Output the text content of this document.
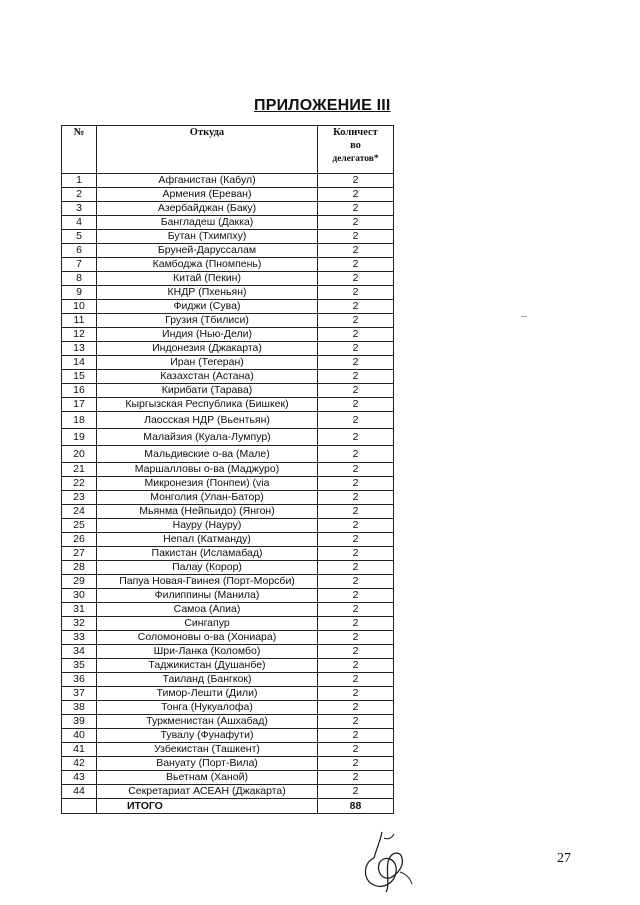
ПРИЛОЖЕНИЕ III
№	Откуда	Количест
во
делегатов*
1	Афганистан (Кабул)	2
2	Армения (Ереван)	2
3	Азербайджан (Баку)	2
4	Бангладеш (Дакка)	2
5	Бутан (Тхимпху)	2
6	Бруней-Даруссалам	2
7	Камбоджа (Пномпень)	2
8	Китай (Пекин)	2
9	КНДР (Пхеньян)	2
10	Фиджи (Сува)	2
11	Грузия (Тбилиси)	2
12	Индия (Нью-Дели)	2
13	Индонезия (Джакарта)	2
14	Иран (Тегеран)	2
15	Казахстан (Астана)	2
16	Кирибати (Тарава)	2
17	Кыргызская Республика (Бишкек)	2
18	Лаосская НДР (Вьентьян)	2
19	Малайзия (Куала-Лумпур)	2
20	Мальдивские о-ва (Мале)	2
21	Маршалловы о-ва (Маджуро)	2
22	Микронезия (Понпеи) (via	2
23	Монголия (Улан-Батор)	2
24	Мьянма (Нейпьидо) (Янгон)	2
25	Науру (Науру)	2
26	Непал (Катманду)	2
27	Пакистан (Исламабад)	2
28	Палау (Корор)	2
29	Папуа Новая-Гвинея (Порт-Морсби)	2
30	Филиппины (Манила)	2
31	Самоа (Апиа)	2
32	Сингапур	2
33	Соломоновы о-ва (Хониара)	2
34	Шри-Ланка (Коломбо)	2
35	Таджикистан (Душанбе)	2
36	Таиланд (Бангкок)	2
37	Тимор-Лешти (Дили)	2
38	Тонга (Нукуалофа)	2
39	Туркменистан (Ашхабад)	2
40	Тувалу (Фунафути)	2
41	Узбекистан (Ташкент)	2
42	Вануату (Порт-Вила)	2
43	Вьетнам (Ханой)	2
44	Секретариат АСЕАН (Джакарта)	2
	ИТОГО	88
27
